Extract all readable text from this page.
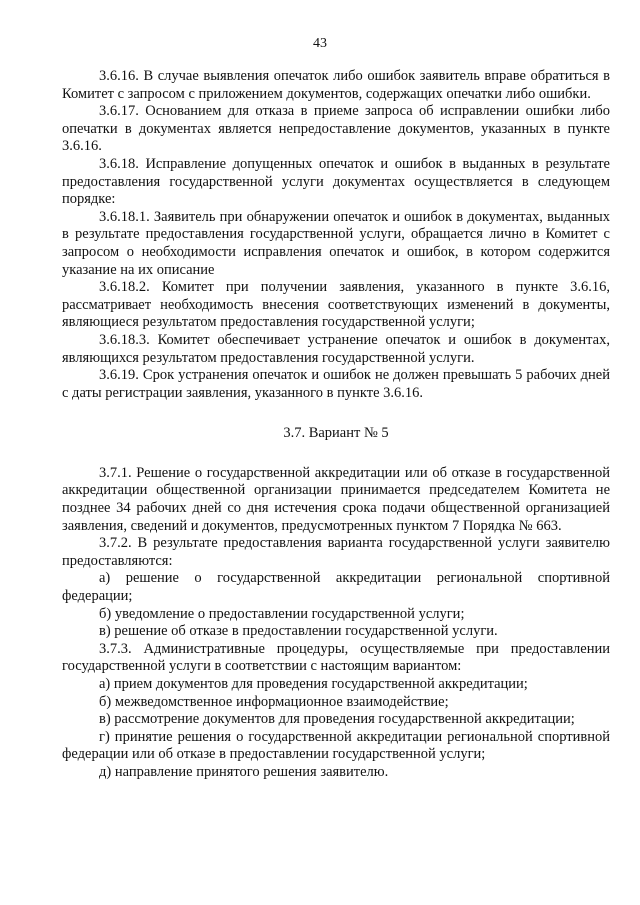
43

3.6.16. В случае выявления опечаток либо ошибок заявитель вправе обратиться в Комитет с запросом с приложением документов, содержащих опечатки либо ошибки.

3.6.17. Основанием для отказа в приеме запроса об исправлении ошибки либо опечатки в документах является непредоставление документов, указанных в пункте 3.6.16.

3.6.18. Исправление допущенных опечаток и ошибок в выданных в результате предоставления государственной услуги документах осуществляется в следующем порядке:

3.6.18.1. Заявитель при обнаружении опечаток и ошибок в документах, выданных в результате предоставления государственной услуги, обращается лично в Комитет с запросом о необходимости исправления опечаток и ошибок, в котором содержится указание на их описание

3.6.18.2. Комитет при получении заявления, указанного в пункте 3.6.16, рассматривает необходимость внесения соответствующих изменений в документы, являющиеся результатом предоставления государственной услуги;

3.6.18.3. Комитет обеспечивает устранение опечаток и ошибок в документах, являющихся результатом предоставления государственной услуги.

3.6.19. Срок устранения опечаток и ошибок не должен превышать 5 рабочих дней с даты регистрации заявления, указанного в пункте 3.6.16.

3.7. Вариант № 5

3.7.1. Решение о государственной аккредитации или об отказе в государственной аккредитации общественной организации принимается председателем Комитета не позднее 34 рабочих дней со дня истечения срока подачи общественной организацией заявления, сведений и документов, предусмотренных пунктом 7 Порядка № 663.

3.7.2. В результате предоставления варианта государственной услуги заявителю предоставляются:

а) решение о государственной аккредитации региональной спортивной федерации;

б) уведомление о предоставлении государственной услуги;

в) решение об отказе в предоставлении государственной услуги.

3.7.3. Административные процедуры, осуществляемые при предоставлении государственной услуги в соответствии с настоящим вариантом:

а) прием документов для проведения государственной аккредитации;

б) межведомственное информационное взаимодействие;

в) рассмотрение документов для проведения государственной аккредитации;

г) принятие решения о государственной аккредитации региональной спортивной федерации или об отказе в предоставлении государственной услуги;

д) направление принятого решения заявителю.
